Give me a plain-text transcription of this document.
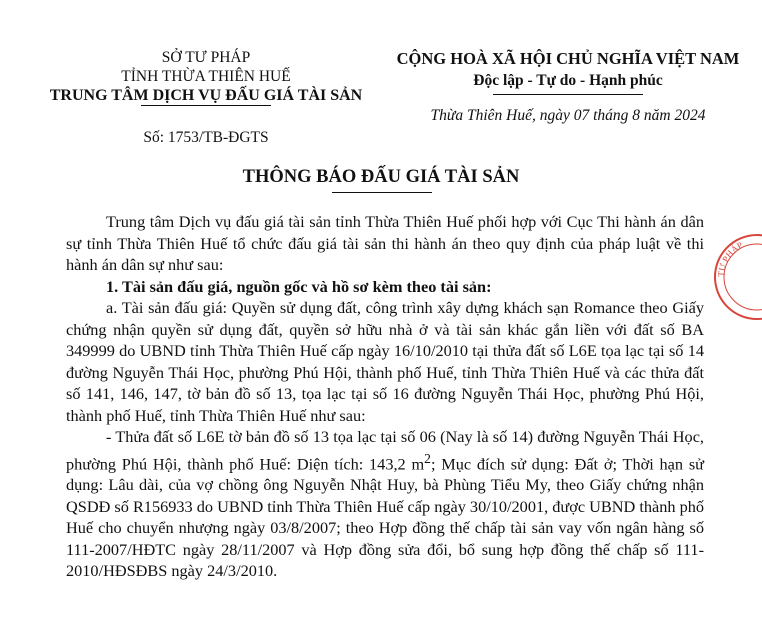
SỞ TƯ PHÁP
TỈNH THỪA THIÊN HUẾ
TRUNG TÂM DỊCH VỤ ĐẤU GIÁ TÀI SẢN
Số: 1753/TB-ĐGTS
CỘNG HOÀ XÃ HỘI CHỦ NGHĨA VIỆT NAM
Độc lập - Tự do - Hạnh phúc
Thừa Thiên Huế, ngày 07 tháng 8 năm 2024
THÔNG BÁO ĐẤU GIÁ TÀI SẢN

Trung tâm Dịch vụ đấu giá tài sản tỉnh Thừa Thiên Huế phối hợp với Cục Thi hành án dân sự tỉnh Thừa Thiên Huế tổ chức đấu giá tài sản thi hành án theo quy định của pháp luật về thi hành án dân sự như sau:

1. Tài sản đấu giá, nguồn gốc và hồ sơ kèm theo tài sản:

a. Tài sản đấu giá: Quyền sử dụng đất, công trình xây dựng khách sạn Romance theo Giấy chứng nhận quyền sử dụng đất, quyền sở hữu nhà ở và tài sản khác gắn liền với đất số BA 349999 do UBND tỉnh Thừa Thiên Huế cấp ngày 16/10/2010 tại thửa đất số L6E tọa lạc tại số 14 đường Nguyễn Thái Học, phường Phú Hội, thành phố Huế, tỉnh Thừa Thiên Huế và các thửa đất số 141, 146, 147, tờ bản đồ số 13, tọa lạc tại số 16 đường Nguyễn Thái Học, phường Phú Hội, thành phố Huế, tỉnh Thừa Thiên Huế như sau:

- Thửa đất số L6E tờ bản đồ số 13 tọa lạc tại số 06 (Nay là số 14) đường Nguyễn Thái Học, phường Phú Hội, thành phố Huế: Diện tích: 143,2 $m^2$; Mục đích sử dụng: Đất ở; Thời hạn sử dụng: Lâu dài, của vợ chồng ông Nguyễn Nhật Huy, bà Phùng Tiểu My, theo Giấy chứng nhận QSDĐ số R156933 do UBND tỉnh Thừa Thiên Huế cấp ngày 30/10/2001, được UBND thành phố Huế cho chuyển nhượng ngày 03/8/2007; theo Hợp đồng thế chấp tài sản vay vốn ngân hàng số 111-2007/HĐTC ngày 28/11/2007 và Hợp đồng sửa đổi, bổ sung hợp đồng thế chấp số 111-2010/HĐSĐBS ngày 24/3/2010.

TƯ PHÁP
